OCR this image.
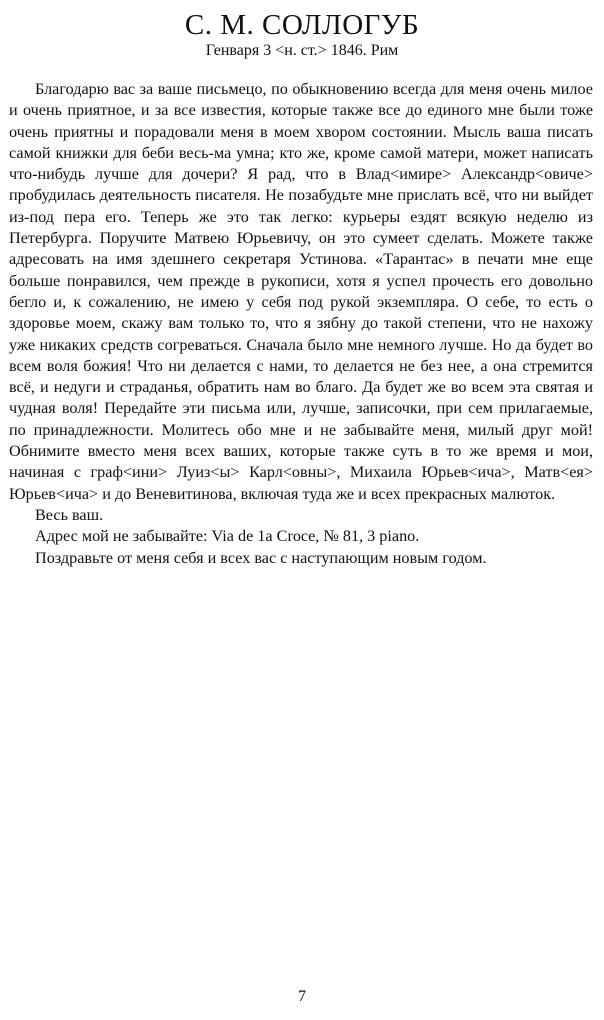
С. М. СОЛЛОГУБ

Генваря 3 <н. ст.> 1846. Рим

Благодарю вас за ваше письмецо, по обыкновению всегда для меня очень милое и очень приятное, и за все известия, которые также все до единого мне были тоже очень приятны и порадовали меня в моем хвором состоянии. Мысль ваша писать самой книжки для беби весь-ма умна; кто же, кроме самой матери, может написать что-нибудь лучше для дочери? Я рад, что в Влад<имире> Александр<овиче> пробудилась деятельность писателя. Не позабудьте мне прислать всё, что ни выйдет из-под пера его. Теперь же это так легко: курьеры ездят всякую неделю из Петербурга. Поручите Матвею Юрьевичу, он это сумеет сделать. Можете также адресовать на имя здешнего секретаря Устинова. «Тарантас» в печати мне еще больше понравился, чем прежде в рукописи, хотя я успел прочесть его довольно бегло и, к сожалению, не имею у себя под рукой экземпляра. О себе, то есть о здоровье моем, скажу вам только то, что я зябну до такой степени, что не нахожу уже никаких средств согреваться. Сначала было мне немного лучше. Но да будет во всем воля божия! Что ни делается с нами, то делается не без нее, а она стремится всё, и недуги и страданья, обратить нам во благо. Да будет же во всем эта святая и чудная воля! Передайте эти письма или, лучше, записочки, при сем прилагаемые, по принадлежности. Молитесь обо мне и не забывайте меня, милый друг мой! Обнимите вместо меня всех ваших, которые также суть в то же время и мои, начиная с граф<ини> Луиз<ы> Карл<овны>, Михаила Юрьев<ича>, Матв<ея> Юрьев<ича> и до Веневитинова, включая туда же и всех прекрасных малюток.

Весь ваш.

Адрес мой не забывайте: Via de 1a Croce, № 81, 3 piano.

Поздравьте от меня себя и всех вас с наступающим новым годом.

7
